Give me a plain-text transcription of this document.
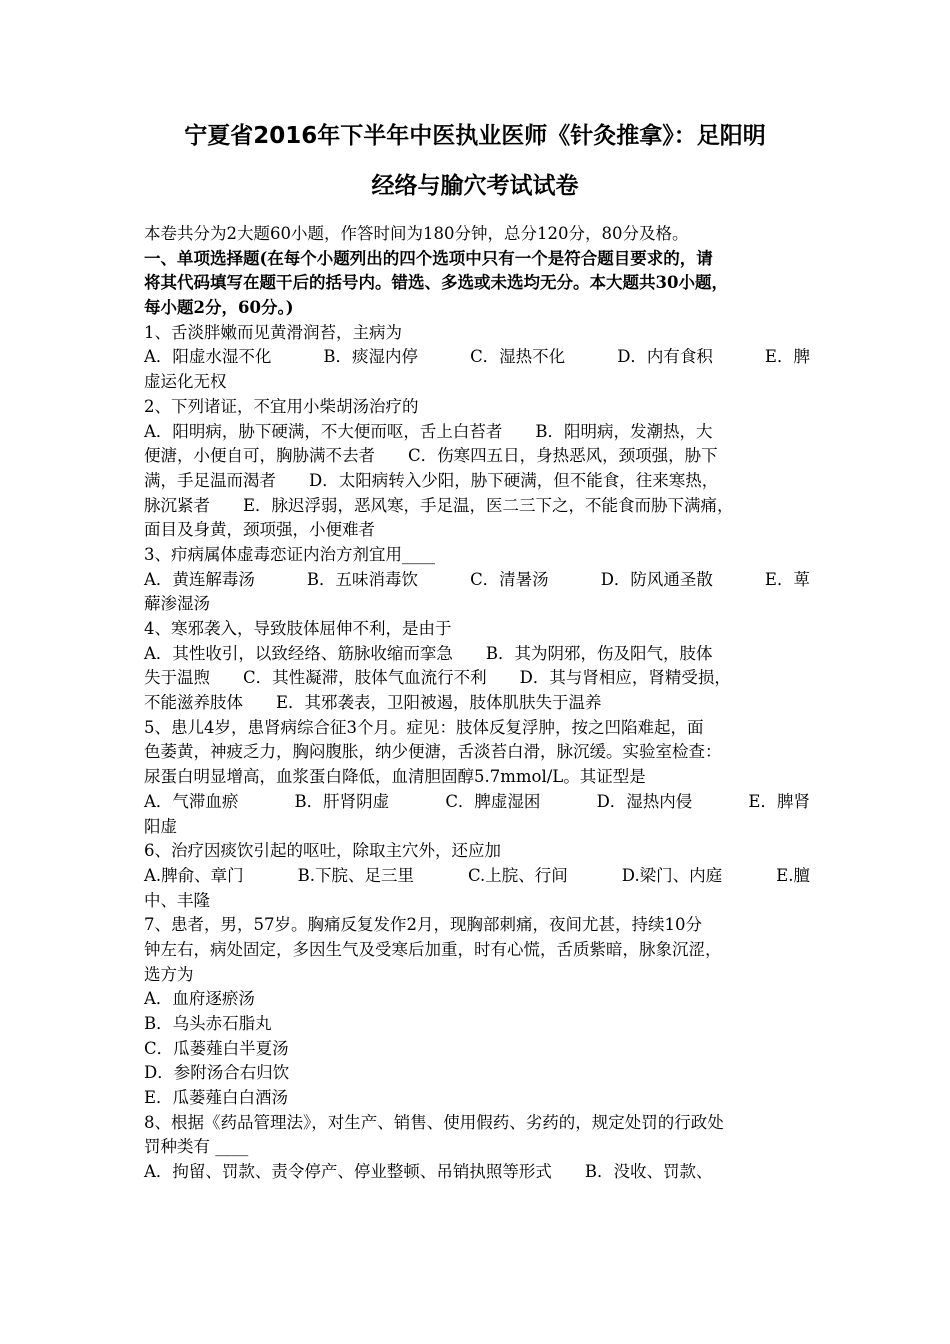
宁夏省2016年下半年中医执业医师《针灸推拿》：足阳明
经络与腧穴考试试卷
本卷共分为2大题60小题，作答时间为180分钟，总分120分，80分及格。
一、单项选择题(在每个小题列出的四个选项中只有一个是符合题目要求的，请
将其代码填写在题干后的括号内。错选、多选或未选均无分。本大题共30小题，
每小题2分，60分。)
1、舌淡胖嫩而见黄滑润苔，主病为
A．阳虚水湿不化	B．痰湿内停	C．湿热不化	D．内有食积	E．脾
虚运化无权
2、下列诸证，不宜用小柴胡汤治疗的
A．阳明病，胁下硬满，不大便而呕，舌上白苔者　　B．阳明病，发潮热，大
便溏，小便自可，胸胁满不去者　　C．伤寒四五日，身热恶风，颈项强，胁下
满，手足温而渴者　　D．太阳病转入少阳，胁下硬满，但不能食，往来寒热，
脉沉紧者　　E．脉迟浮弱，恶风寒，手足温，医二三下之，不能食而胁下满痛，
面目及身黄，颈项强，小便难者
3、疖病属体虚毒恋证内治方剂宜用____
A．黄连解毒汤	B．五味消毒饮	C．清暑汤	D．防风通圣散	E．萆
薢渗湿汤
4、寒邪袭入，导致肢体屈伸不利，是由于
A．其性收引，以致经络、筋脉收缩而挛急　　B．其为阴邪，伤及阳气，肢体
失于温煦　　C．其性凝滞，肢体气血流行不利　　D．其与肾相应，肾精受损，
不能滋养肢体　　E．其邪袭表，卫阳被遏，肢体肌肤失于温养
5、患儿4岁，患肾病综合征3个月。症见：肢体反复浮肿，按之凹陷难起，面
色萎黄，神疲乏力，胸闷腹胀，纳少便溏，舌淡苔白滑，脉沉缓。实验室检查：
尿蛋白明显增高，血浆蛋白降低，血清胆固醇5.7mmol/L。其证型是
A．气滞血瘀	B．肝肾阴虚	C．脾虚湿困	D．湿热内侵	E．脾肾
阳虚
6、治疗因痰饮引起的呕吐，除取主穴外，还应加
A.脾俞、章门	B.下脘、足三里	C.上脘、行间	D.梁门、内庭	E.膻
中、丰隆
7、患者，男，57岁。胸痛反复发作2月，现胸部刺痛，夜间尤甚，持续10分
钟左右，病处固定，多因生气及受寒后加重，时有心慌，舌质紫暗，脉象沉涩，
选方为
A．血府逐瘀汤
B．乌头赤石脂丸
C．瓜蒌薤白半夏汤
D．参附汤合右归饮
E．瓜蒌薤白白酒汤
8、根据《药品管理法》，对生产、销售、使用假药、劣药的，规定处罚的行政处
罚种类有 ____
A．拘留、罚款、责令停产、停业整顿、吊销执照等形式　　B．没收、罚款、
